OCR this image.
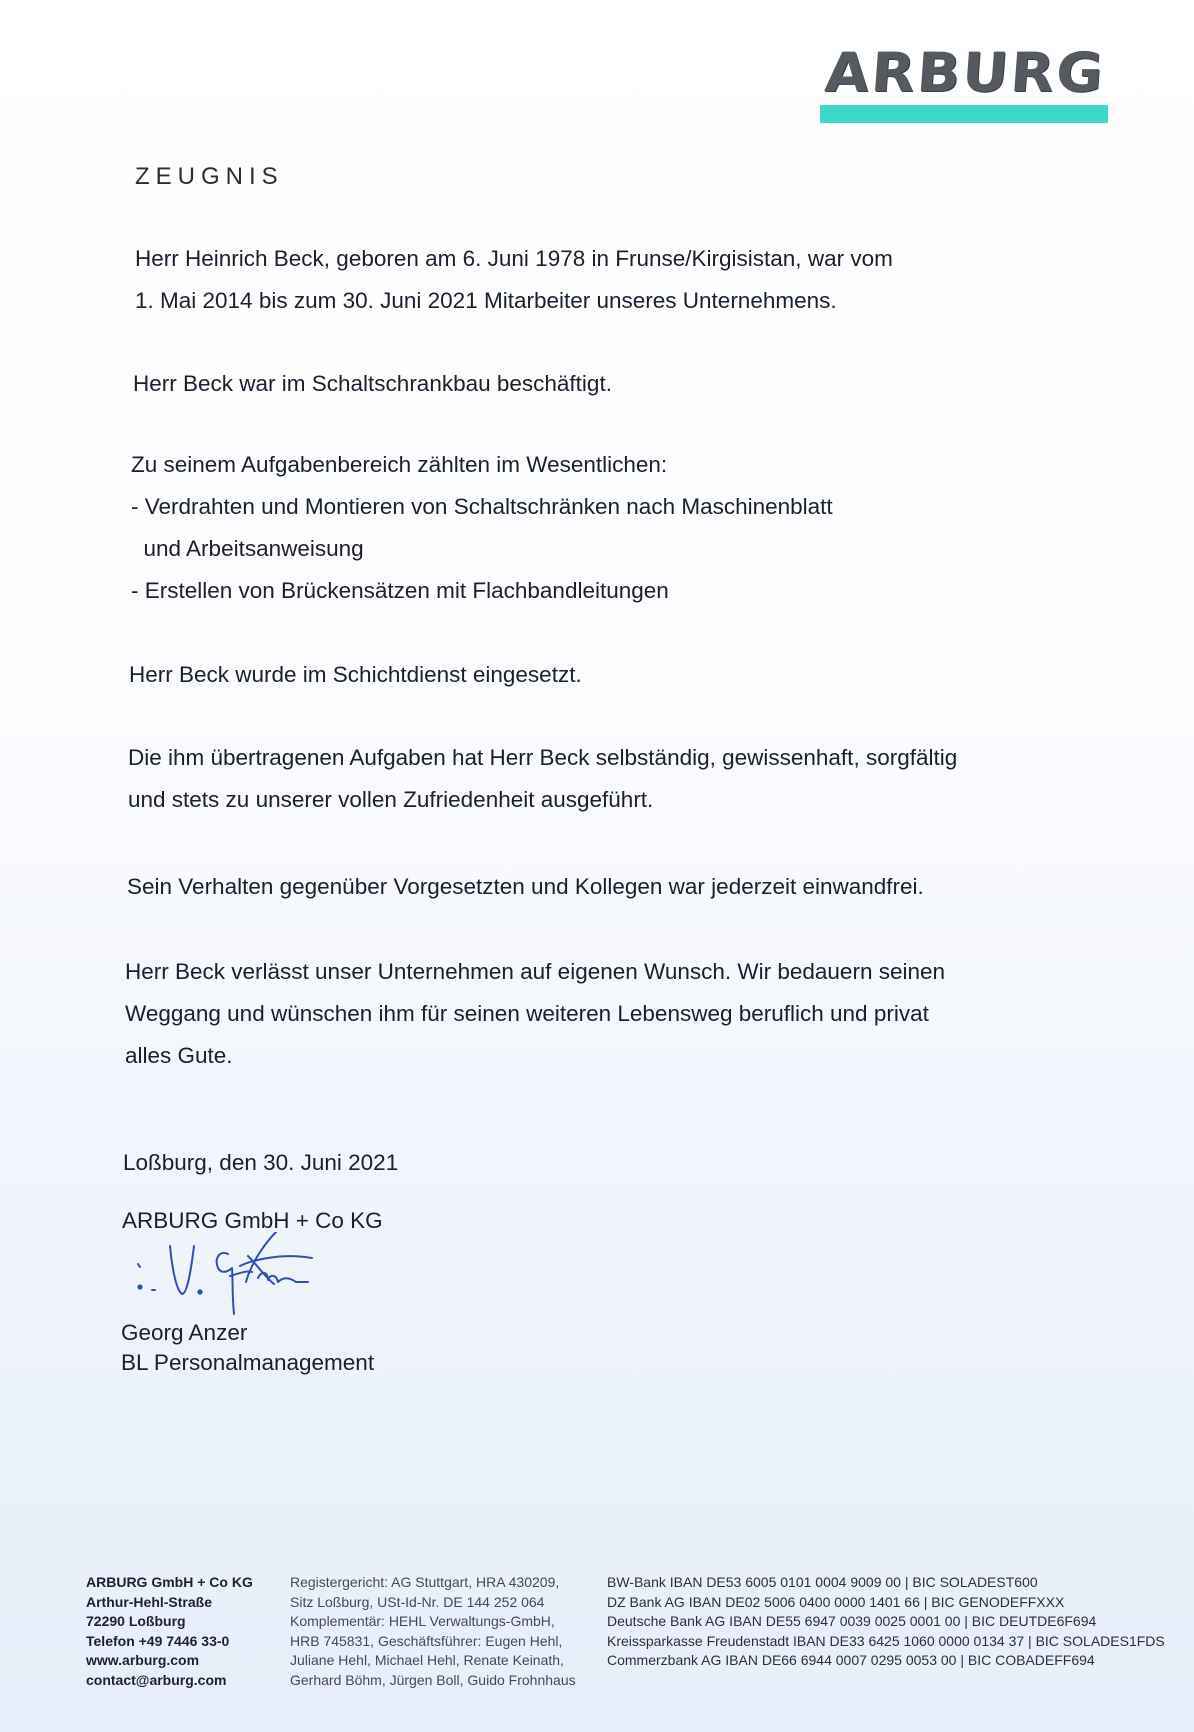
ARBURG
ZEUGNIS
Herr Heinrich Beck, geboren am 6. Juni 1978 in Frunse/Kirgisistan, war vom
1. Mai 2014 bis zum 30. Juni 2021 Mitarbeiter unseres Unternehmens.
Herr Beck war im Schaltschrankbau beschäftigt.
Zu seinem Aufgabenbereich zählten im Wesentlichen:
- Verdrahten und Montieren von Schaltschränken nach Maschinenblatt
und Arbeitsanweisung
- Erstellen von Brückensätzen mit Flachbandleitungen
Herr Beck wurde im Schichtdienst eingesetzt.
Die ihm übertragenen Aufgaben hat Herr Beck selbständig, gewissenhaft, sorgfältig
und stets zu unserer vollen Zufriedenheit ausgeführt.
Sein Verhalten gegenüber Vorgesetzten und Kollegen war jederzeit einwandfrei.
Herr Beck verlässt unser Unternehmen auf eigenen Wunsch. Wir bedauern seinen
Weggang und wünschen ihm für seinen weiteren Lebensweg beruflich und privat
alles Gute.
Loßburg, den 30. Juni 2021
ARBURG GmbH + Co KG
Georg Anzer
BL Personalmanagement
ARBURG GmbH + Co KG
Arthur-Hehl-Straße
72290 Loßburg
Telefon +49 7446 33-0
www.arburg.com
contact@arburg.com
Registergericht: AG Stuttgart, HRA 430209,
Sitz Loßburg, USt-Id-Nr. DE 144 252 064
Komplementär: HEHL Verwaltungs-GmbH,
HRB 745831, Geschäftsführer: Eugen Hehl,
Juliane Hehl, Michael Hehl, Renate Keinath,
Gerhard Böhm, Jürgen Boll, Guido Frohnhaus
BW-Bank IBAN DE53 6005 0101 0004 9009 00 | BIC SOLADEST600
DZ Bank AG IBAN DE02 5006 0400 0000 1401 66 | BIC GENODEFFXXX
Deutsche Bank AG IBAN DE55 6947 0039 0025 0001 00 | BIC DEUTDE6F694
Kreissparkasse Freudenstadt IBAN DE33 6425 1060 0000 0134 37 | BIC SOLADES1FDS
Commerzbank AG IBAN DE66 6944 0007 0295 0053 00 | BIC COBADEFF694
